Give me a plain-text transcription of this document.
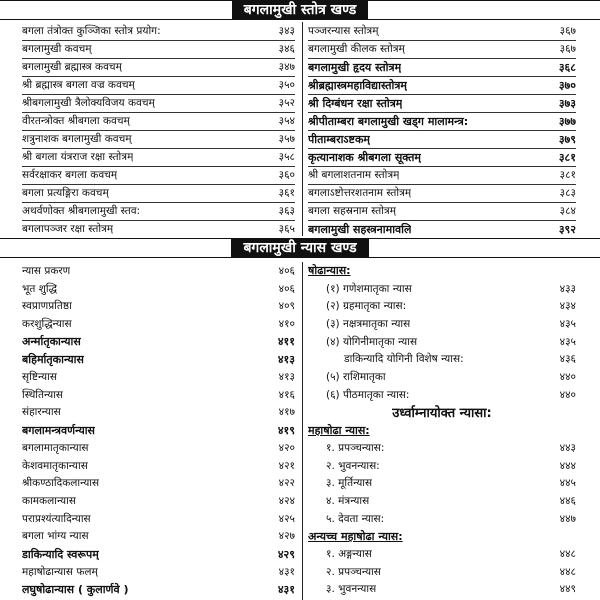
बगलामुखी स्तोत्र खण्ड
बगला तंत्रोक्त कुञ्जिका स्तोत्र प्रयोग:	३४३
बगलामुखी कवचम्	३४६
बगलामुखी ब्रह्मास्त्र कवचम्	३४७
श्री ब्रह्मास्त्र बगला वज्र कवचम्	३५०
श्रीबगलामुखी त्रैलोक्यविजय कवचम्	३५२
वीरतन्त्रोक्त श्रीबगला कवचम्	३५४
शत्रुनाशक बगलामुखी कवचम्	३५७
श्री बगला यंत्रराज रक्षा स्तोत्रम्	३५८
सर्वरक्षाकर बगला कवचम्	३६०
बगला प्रत्यङ्गिरा कवचम्	३६१
अथर्वणोक्त श्रीबगलामुखी स्तव:	३६३
बगलापञ्जर रक्षा स्तोत्रम्	३६५
पञ्जरन्यास स्तोत्रम्	३६७
बगलामुखी कीलक स्तोत्रम्	३६७
बगलामुखी हृदय स्तोत्रम्	३६८
श्रीब्रह्मास्त्रमहाविद्यास्तोत्रम्	३७०
श्री दिग्बंधन रक्षा स्तोत्रम्	३७३
श्रीपीताम्बरा बगलामुखी खड्ग मालामन्त्र:	३७७
पीताम्बराऽष्टकम्	३७९
कृत्यानाशक श्रीबगला सूक्तम्	३८१
श्री बगलाशतनाम स्तोत्रम्	३८१
बगलाऽष्टोत्तरशतनाम स्तोत्रम्	३८३
बगला सहस्रनाम स्तोत्रम्	३८४
बगलामुखी सहस्त्रनामावलि	३९२
बगलामुखी न्यास खण्ड
न्यास प्रकरण	४०६
भूत शुद्धि	४०६
स्वप्राणप्रतिष्ठा	४०९
करशुद्धिन्यास	४१०
अर्न्मातृकान्यास	४११
बहिर्मातृकान्यास	४१३
सृष्टिन्यास	४१३
स्थितिन्यास	४१६
संहारन्यास	४१७
बगलामन्त्रवर्णन्यास	४१९
बगलामातृकान्यास	४२०
केशवमातृकान्यास	४२१
श्रीकण्ठादिकलान्यास	४२२
कामकलान्यास	४२४
पराप्रश्यंत्यादिन्यास	४२५
बगला भांग्य न्यास	४२७
डाकिन्यादि स्वरूपम्	४२९
महाषोढान्यास फलम्	४३१
लघुषोढान्यास ( कुलार्णवे )	४३१
षोढान्यास:
(१) गणेशमातृका न्यास	४३३
(२) ग्रहमातृका न्यास:	४३४
(३) नक्षत्रमातृका न्यास	४३५
(४) योगिनीमातृका न्यास	४३५
डाकिन्यादि योगिनी विशेष न्यास:	४३६
(५) राशिमातृका	४४०
(६) पीठमातृका न्यास:	४४०
उर्ध्वाम्नायोक्त न्यासा:
महाषोढा न्यास:
१. प्रपञ्चन्यास:	४४३
२. भुवनन्यास:	४४४
३. मूर्तिन्यास	४४५
४. मंत्रन्यास	४४६
५. देवता न्यास:	४४७
अन्यच्च महाषोढा न्यास:
१. अङ्गन्यास	४४८
२. प्रपञ्चन्यास	४४८
३. भुवनन्यास	४४९
